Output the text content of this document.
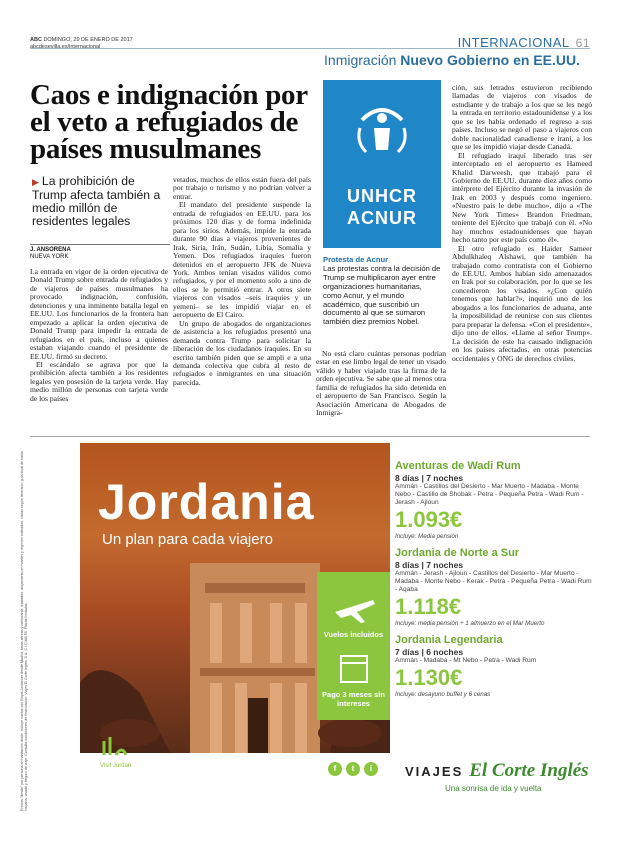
ABC DOMINGO, 29 DE ENERO DE 2017
abcdesevilla.es/internacional	INTERNACIONAL 61
Inmigración Nuevo Gobierno en EE.UU.
Caos e indignación por el veto a refugiados de países musulmanes
▶ La prohibición de Trump afecta también a medio millón de residentes legales
J. ANSORENA
NUEVA YORK

La entrada en vigor de la orden ejecutiva de Donald Trump sobre entrada de refugiados y de viajeros de países musulmanes ha provocado indignación, confusión, detenciones y una inminente batalla legal en EE.UU. Los funcionarios de la frontera han empezado a aplicar la orden ejecutiva de Donald Trump para impedir la entrada de refugiados en el país, incluso a quienes estaban viajando cuando el presidente de EE.UU. firmó su decreto.

El escándalo se agrava por que la prohibición afecta también a los residentes legales yen posesión de la tarjeta verde. Hay medio millón de personas con tarjeta verde de los países

vetados, muchos de ellos están fuera del país por trabajo o turismo y no podrían volver a entrar.

El mandato del presidente suspende la entrada de refugiados en EE.UU. para los próximos 120 días y de forma indefinida para los sirios. Además, impide la entrada durante 90 días a viajeros provenientes de Irak, Siria, Irán, Sudán, Libia, Somalia y Yemen. Dos refugiados iraquíes fueron detenidos en el aeropuerto JFK de Nueva York. Ambos tenían visados válidos como refugiados, y por el momento solo a uno de ellos se le permitió entrar. A otros siete viajeros con visados –seis iraquíes y un yemení– se les impidió viajar en el aeropuerto de El Cairo.

Un grupo de abogados de organizaciones de asistencia a los refugiados presentó una demanda contra Trump para solicitar la liberación de los ciudadanos iraquíes. En su escrito también piden que se ampli e a una demanda colectiva que cubra al resto de refugiados e inmigrantes en una situación parecida.

No está claro cuántas personas podrían estar en ese limbo legal de tener un visado válido y haber viajado tras la firma de la orden ejecutiva. Se sabe que al menos otra familia de refugiados ha sido detenida en el aeropuerto de San Francisco. Según la Asociación Americana de Abogados de Inmigra-

ción, sus letrados estuvieron recibiendo llamadas de viajeros con visados de estudiante y de trabajo a los que se les negó la entrada en territorio estadounidense y a los que se les había ordenado el regreso a sus países. Incluso se negó el paso a viajeros con doble nacionalidad canadiense e iraní, a los que se les impidió viajar desde Canadá.

El refugiado iraquí liberado tras ser interceptado en el aeropuerto es Hameed Khalid Darweesh, que trabajó para el Gobierno de EE.UU. durante diez años como intérprete del Ejército durante la invasión de Irak en 2003 y después como ingeniero. «Nuestro país le debe mucho», dijo a «The New York Times» Brandon Friedman, teniente del Ejército que trabajó con él. «No hay muchos estadounidenses que hayan hecho tanto por este país como él».

El otro refugiado es Haider Sameer Abdulkhaleq Alshawi, que también ha trabajado como contratista con el Gobierno de EE.UU. Ambos habían sido amenazados en Irak por su colaboración, por lo que se les concedieron los visados. «¿Con quién tenemos que hablar?», inquirió uno de los abogados a los funcionarios de aduana, ante la imposibilidad de reunirse con sus clientes para preparar la defensa. «Con el presidente», dijo uno de ellos. «Llame al señor Trump». La decisión de este ha causado indignación en los países afectados, en otras potencias occidentales y ONG de derechos civiles.

UNHCR
ACNUR
Protesta de Acnur
Las protestas contra la decisión de Trump se multiplicaron ayer entre organizaciones humanitarias, como Acnur, y el mundo académico, que suscribió un documento al que se sumaron también diez premios Nobel.
Precios "desde" por persona en habitación doble. Incluye vuelos con Royal Jordanian desde Madrid, tasas aéreas y carburante, traslados, alojamiento en hoteles y régimen indicados, visitas según itinerario, guía local de habla hispana, visado y seguro de viaje. Consulta condiciones de financiación. Viajes El Corte Inglés, S.A. C.I.C.MA 59. Plazas limitadas.
Jordania
Un plan para cada viajero
Vuelos incluidos
Pago 3 meses sin intereses
Aventuras de Wadi Rum
8 días | 7 noches
Ammán - Castillos del Desierto - Mar Muerto - Madaba - Monte Nebo - Castillo de Shobak - Petra - Pequeña Petra - Wadi Rum - Jerash - Ajloun
1.093€
Incluye: Media pensión
Jordania de Norte a Sur
8 días | 7 noches
Ammán - Jerash - Ajloun - Castillos del Desierto - Mar Muerto - Madaba - Monte Nebo - Kerak - Petra - Pequeña Petra - Wadi Rum - Aqaba
1.118€
Incluye: media pensión + 1 almuerzo en el Mar Muerto
Jordania Legendaria
7 días | 6 noches
Ammán - Madaba - Mt Nebo - Petra - Wadi Rum
1.130€
Incluye: desayuno buffet y 6 cenas
Visit Jordan	f	t	i	VIAJES El Corte Inglés
Una sonrisa de ida y vuelta
